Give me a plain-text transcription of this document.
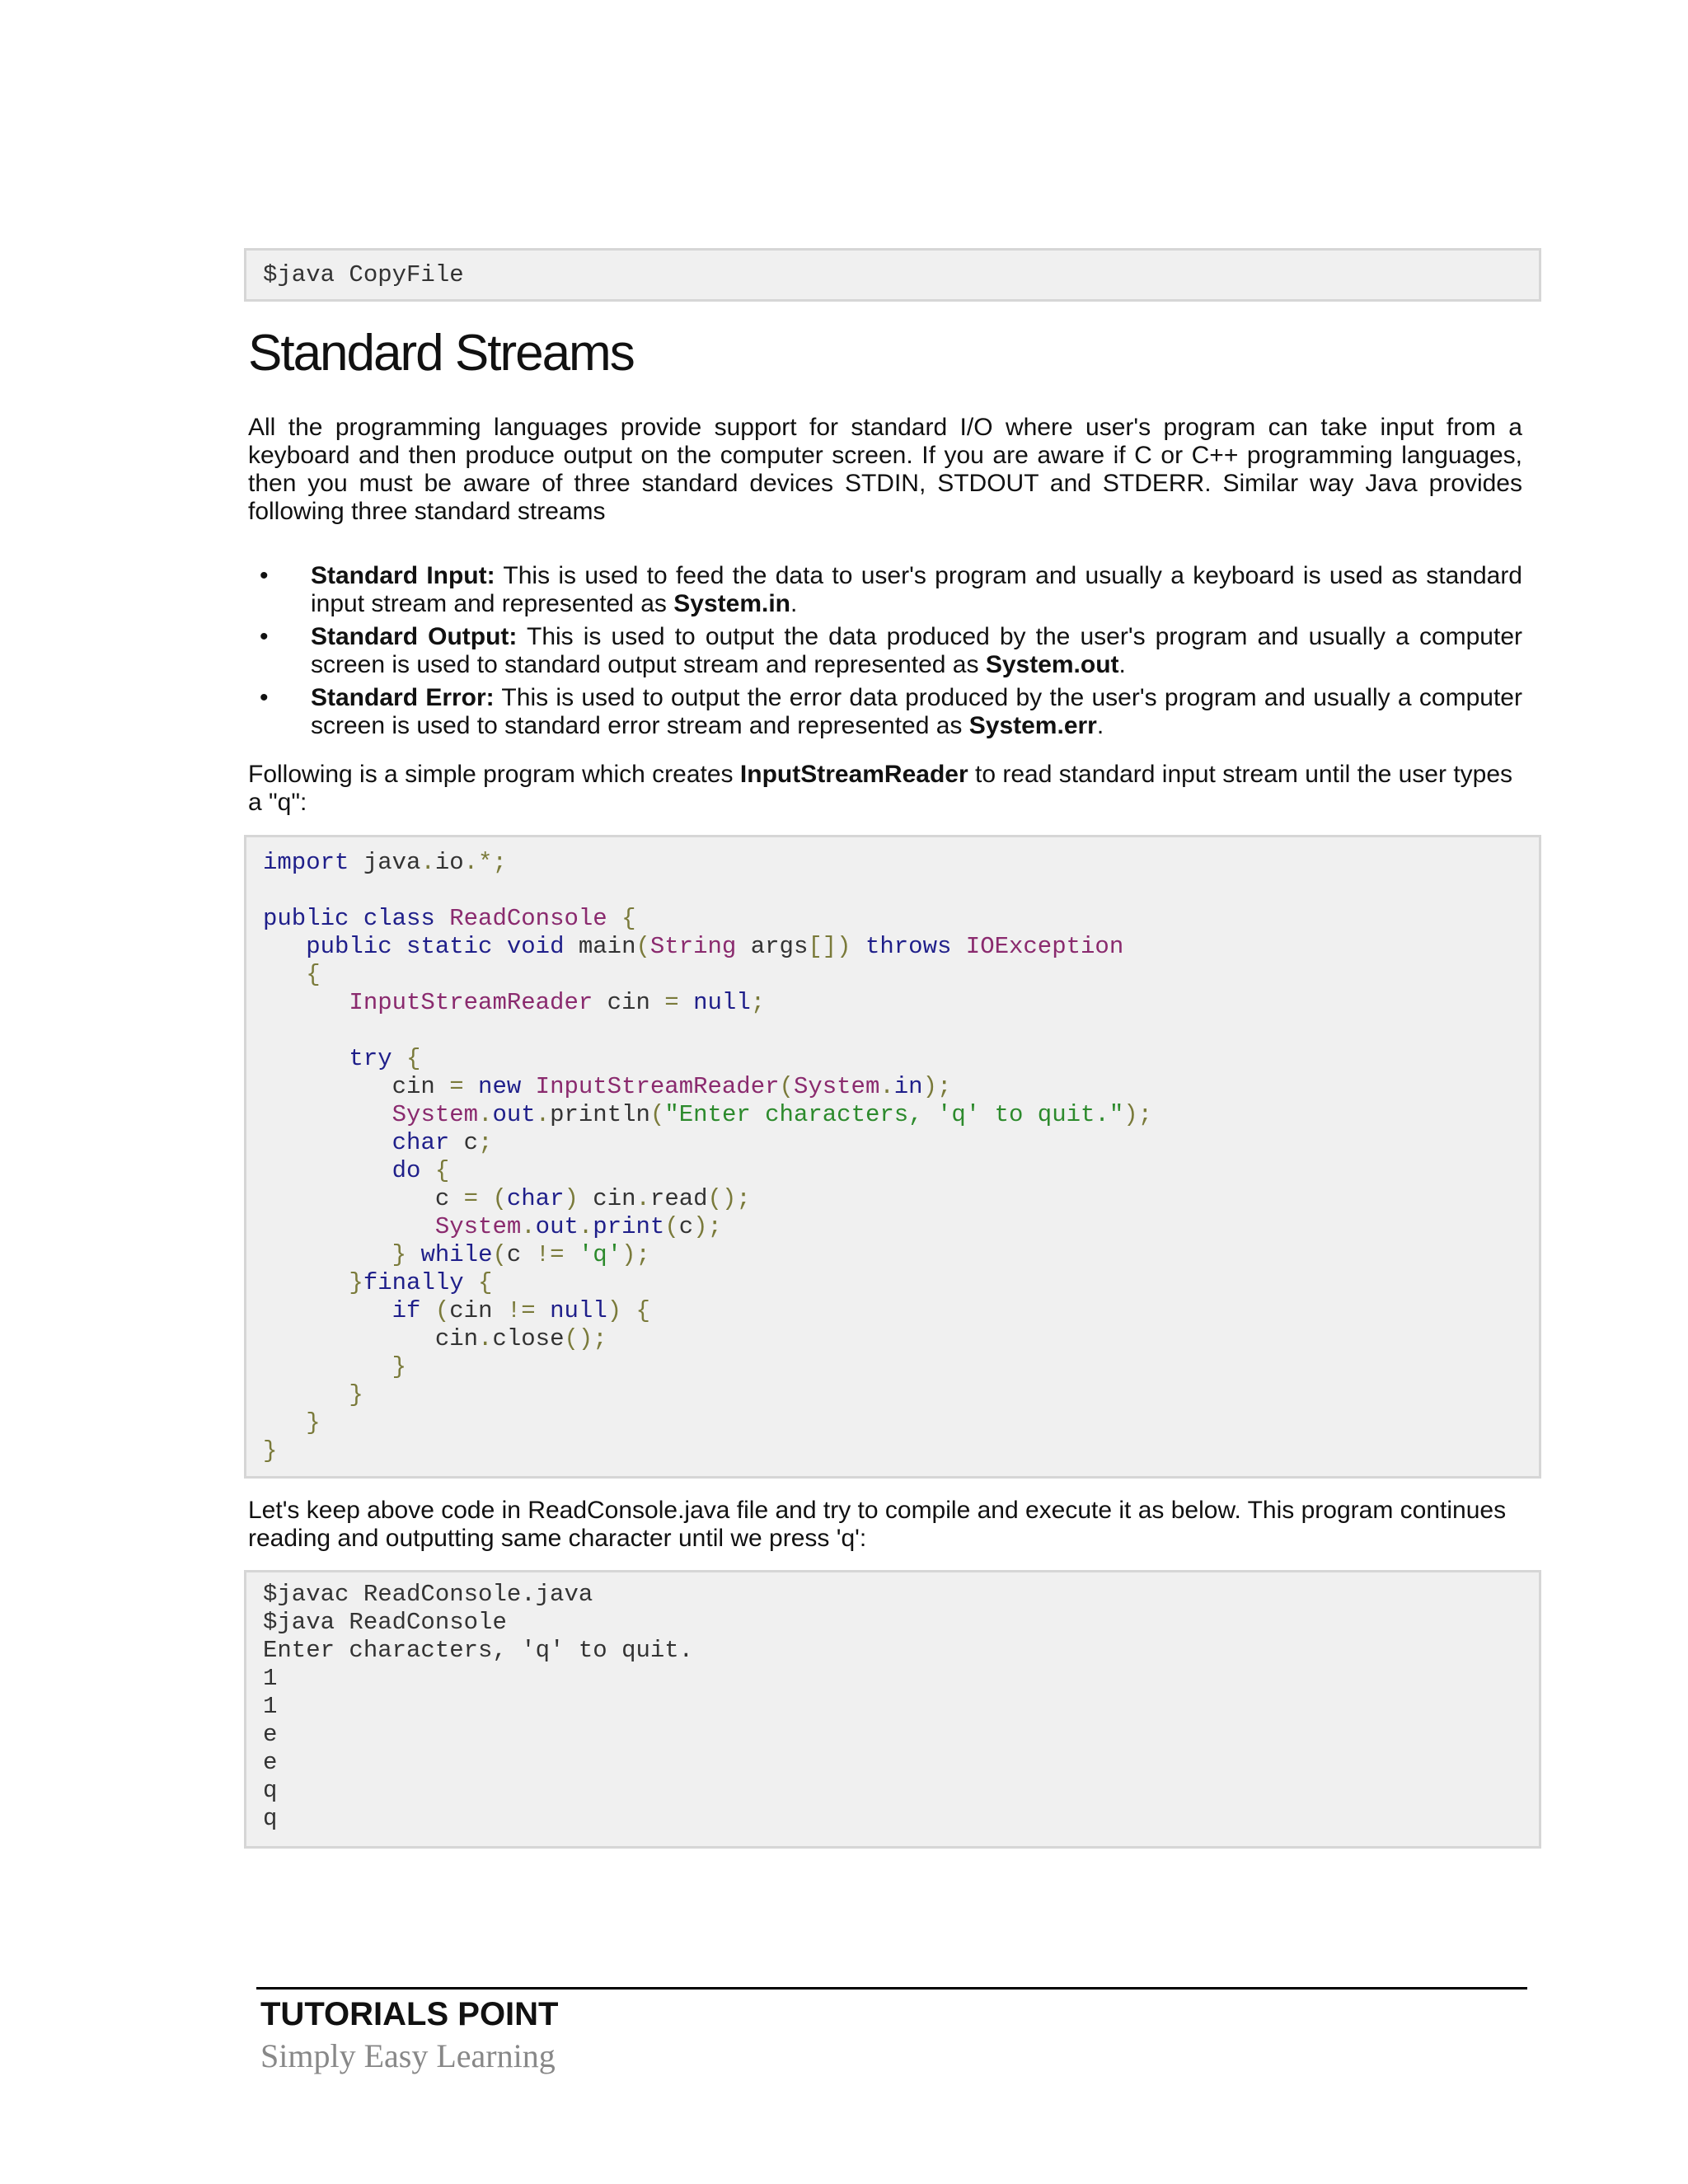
$java CopyFile
Standard Streams
All the programming languages provide support for standard I/O where user's program can take input from a keyboard and then produce output on the computer screen. If you are aware if C or C++ programming languages, then you must be aware of three standard devices STDIN, STDOUT and STDERR. Similar way Java provides following three standard streams
• Standard Input: This is used to feed the data to user's program and usually a keyboard is used as standard input stream and represented as System.in.
• Standard Output: This is used to output the data produced by the user's program and usually a computer screen is used to standard output stream and represented as System.out.
• Standard Error: This is used to output the error data produced by the user's program and usually a computer screen is used to standard error stream and represented as System.err.
Following is a simple program which creates InputStreamReader to read standard input stream until the user types a "q":
import java.io.*;
public class ReadConsole {
public static void main(String args[]) throws IOException
{
InputStreamReader cin = null;
try {
cin = new InputStreamReader(System.in);
System.out.println("Enter characters, 'q' to quit.");
char c;
do {
c = (char) cin.read();
System.out.print(c);
} while(c != 'q');
}finally {
if (cin != null) {
cin.close();
}
}
}
}
Let's keep above code in ReadConsole.java file and try to compile and execute it as below. This program continues reading and outputting same character until we press 'q':
$javac ReadConsole.java
$java ReadConsole
Enter characters, 'q' to quit.
1
1
e
e
q
q
TUTORIALS POINT
Simply Easy Learning
